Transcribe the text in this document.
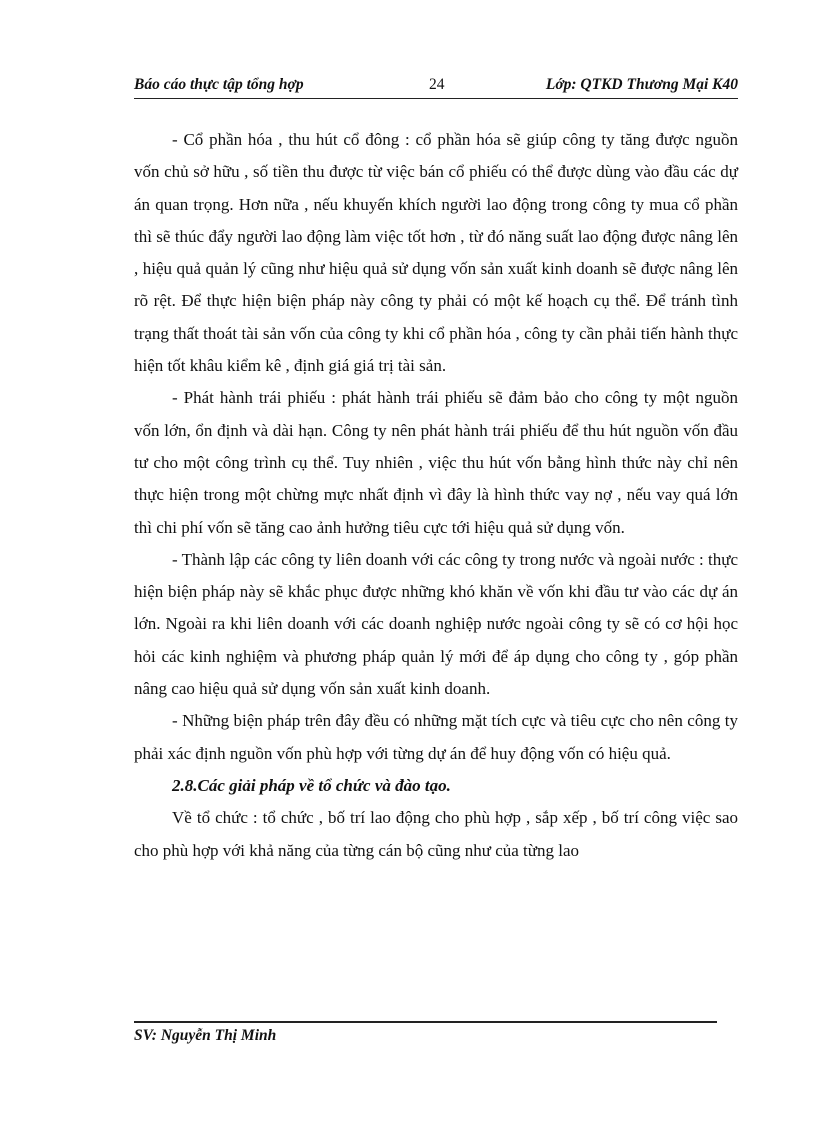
Báo cáo thực tập tổng hợp	24	Lớp: QTKD Thương Mại K40

- Cổ phần hóa , thu hút cổ đông : cổ phần hóa sẽ giúp công ty tăng được nguồn vốn chủ sở hữu , số tiền thu được từ việc bán cổ phiếu có thể được dùng vào đầu các dự án quan trọng. Hơn nữa , nếu khuyến khích người lao động trong công ty mua cổ phần thì sẽ thúc đẩy người lao động làm việc tốt hơn , từ đó năng suất lao động được nâng lên , hiệu quả quản lý cũng như hiệu quả sử dụng vốn sản xuất kinh doanh sẽ được nâng lên rõ rệt. Để thực hiện biện pháp này công ty phải có một kế hoạch cụ thể. Để tránh tình trạng thất thoát tài sản vốn của công ty khi cổ phần hóa , công ty cần phải tiến hành thực hiện tốt khâu kiểm kê , định giá giá trị tài sản.

- Phát hành trái phiếu : phát hành trái phiếu sẽ đảm bảo cho công ty một nguồn vốn lớn, ổn định và dài hạn. Công ty nên phát hành trái phiếu để thu hút nguồn vốn đầu tư cho một công trình cụ thể. Tuy nhiên , việc thu hút vốn bằng hình thức này chỉ nên thực hiện trong một chừng mực nhất định vì đây là hình thức vay nợ , nếu vay quá lớn thì chi phí vốn sẽ tăng cao ảnh hưởng tiêu cực tới hiệu quả sử dụng vốn.

- Thành lập các công ty liên doanh với các công ty trong nước và ngoài nước : thực hiện biện pháp này sẽ khắc phục được những khó khăn về vốn khi đầu tư vào các dự án lớn. Ngoài ra khi liên doanh với các doanh nghiệp nước ngoài công ty sẽ có cơ hội học hỏi các kinh nghiệm và phương pháp quản lý mới để áp dụng cho công ty , góp phần nâng cao hiệu quả sử dụng vốn sản xuất kinh doanh.

- Những biện pháp trên đây đều có những mặt tích cực và tiêu cực cho nên công ty phải xác định nguồn vốn phù hợp với từng dự án để huy động vốn có hiệu quả.

2.8.Các giải pháp về tổ chức và đào tạo.

Về tổ chức : tổ chức , bố trí lao động cho phù hợp , sắp xếp , bố trí công việc sao cho phù hợp với khả năng của từng cán bộ cũng như của từng lao

SV: Nguyễn Thị Minh
